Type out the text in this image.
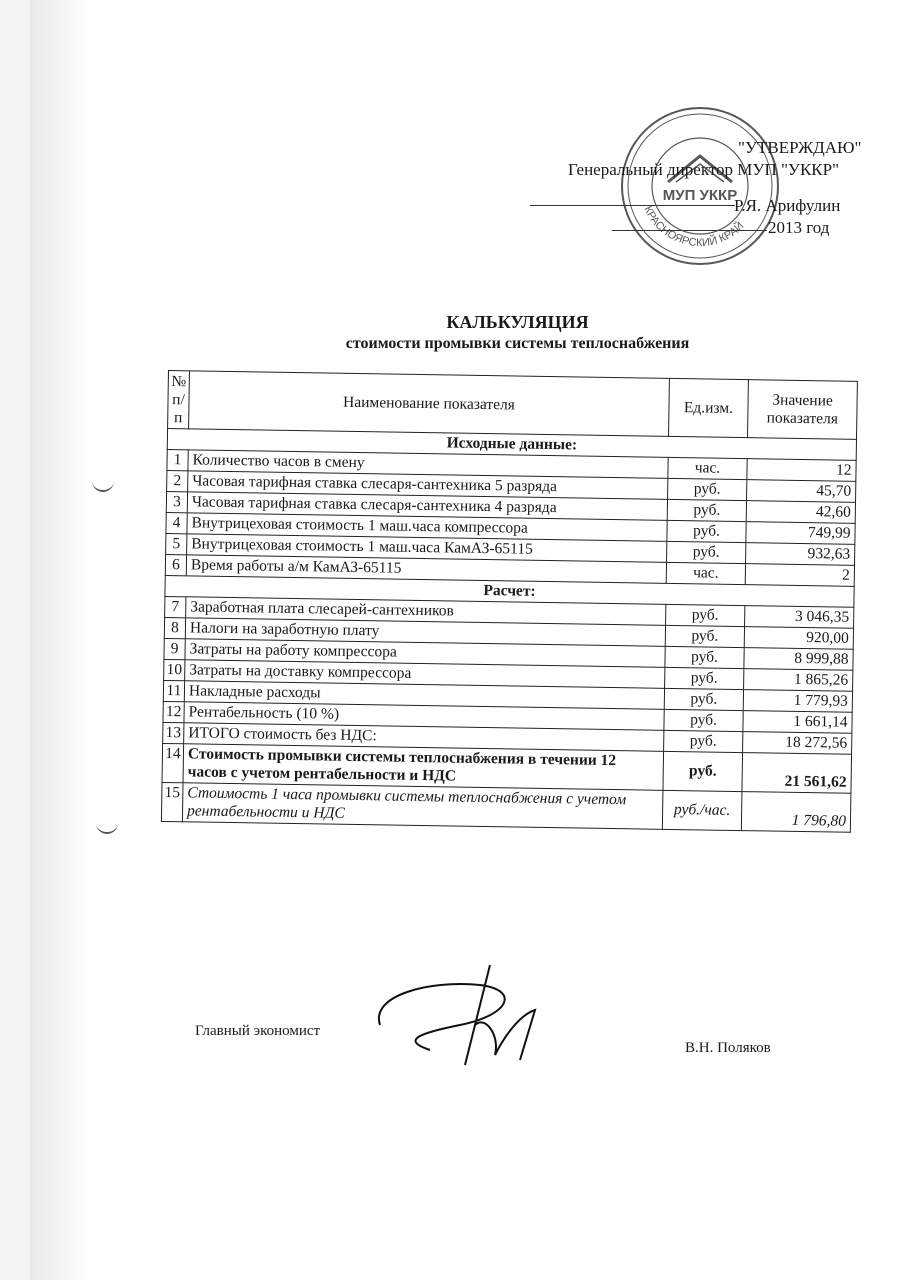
КРАСНОЯРСКИЙ КРАЙ
МУП УККР
"УТВЕРЖДАЮ"
Генеральный директор МУП "УККР"
Р.Я. Арифулин
2013 год
КАЛЬКУЛЯЦИЯ
стоимости промывки системы теплоснабжения
№ п/п	Наименование показателя	Ед.изм.	Значение показателя
Исходные данные:			
1	Количество часов в смену	час.	12
2	Часовая тарифная ставка слесаря-сантехника 5 разряда	руб.	45,70
3	Часовая тарифная ставка слесаря-сантехника 4 разряда	руб.	42,60
4	Внутрицеховая стоимость 1 маш.часа компрессора	руб.	749,99
5	Внутрицеховая стоимость 1 маш.часа КамАЗ-65115	руб.	932,63
6	Время работы а/м КамАЗ-65115	час.	2
Расчет:			
7	Заработная плата слесарей-сантехников	руб.	3 046,35
8	Налоги на заработную плату	руб.	920,00
9	Затраты на работу компрессора	руб.	8 999,88
10	Затраты на доставку компрессора	руб.	1 865,26
11	Накладные расходы	руб.	1 779,93
12	Рентабельность (10 %)	руб.	1 661,14
13	ИТОГО стоимость без НДС:	руб.	18 272,56
14	Стоимость промывки системы теплоснабжения в течении 12 часов с учетом рентабельности и НДС	руб.	21 561,62
15	Стоимость 1 часа промывки системы теплоснабжения с учетом рентабельности и НДС	руб./час.	1 796,80
Главный экономист
В.Н. Поляков
